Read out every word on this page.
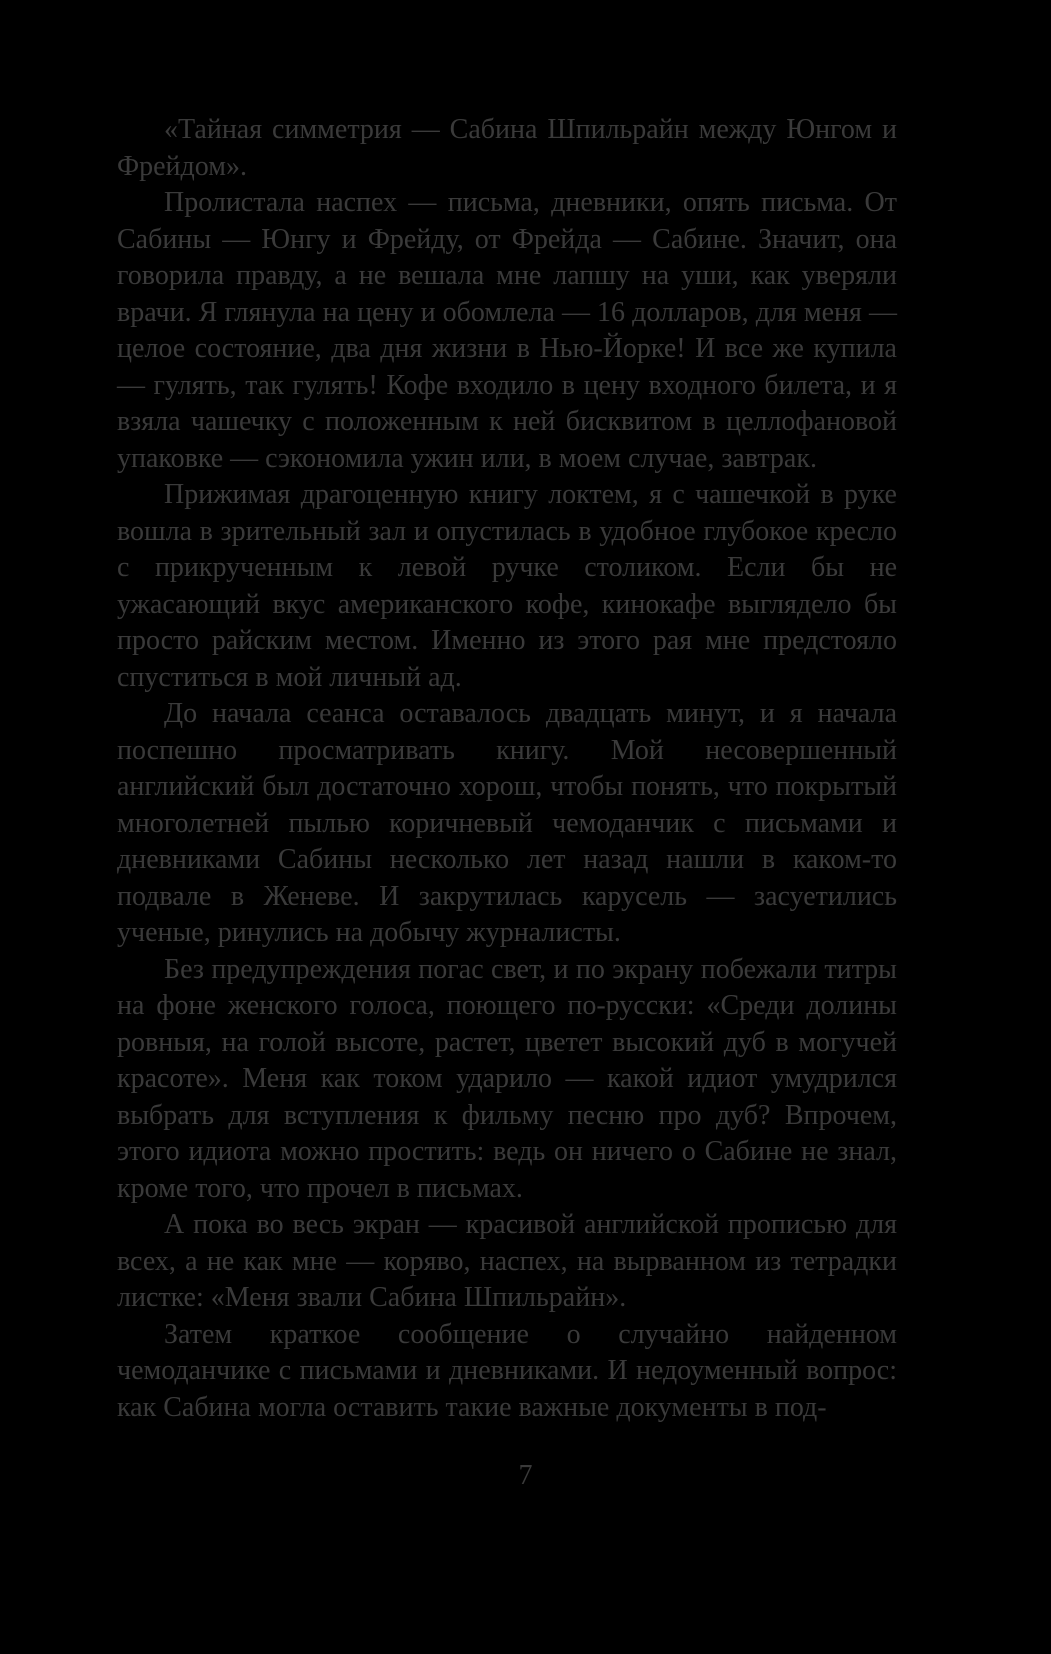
«Тайная симметрия — Сабина Шпильрайн между Юнгом и Фрейдом».

Пролистала наспех — письма, дневники, опять письма. От Сабины — Юнгу и Фрейду, от Фрейда — Сабине. Значит, она говорила правду, а не вешала мне лапшу на уши, как уверяли врачи. Я глянула на цену и обомлела — 16 долларов, для меня — целое состояние, два дня жизни в Нью-Йорке! И все же купила — гулять, так гулять! Кофе входило в цену входного билета, и я взяла чашечку с положенным к ней бисквитом в целлофановой упаковке — сэкономила ужин или, в моем случае, завтрак.

Прижимая драгоценную книгу локтем, я с чашечкой в руке вошла в зрительный зал и опустилась в удобное глубокое кресло с прикрученным к левой ручке столиком. Если бы не ужасающий вкус американского кофе, кинокафе выглядело бы просто райским местом. Именно из этого рая мне предстояло спуститься в мой личный ад.

До начала сеанса оставалось двадцать минут, и я начала поспешно просматривать книгу. Мой несовершенный английский был достаточно хорош, чтобы понять, что покрытый многолетней пылью коричневый чемоданчик с письмами и дневниками Сабины несколько лет назад нашли в каком-то подвале в Женеве. И закрутилась карусель — засуетились ученые, ринулись на добычу журналисты.

Без предупреждения погас свет, и по экрану побежали титры на фоне женского голоса, поющего по-русски: «Среди долины ровныя, на голой высоте, растет, цветет высокий дуб в могучей красоте». Меня как током ударило — какой идиот умудрился выбрать для вступления к фильму песню про дуб? Впрочем, этого идиота можно простить: ведь он ничего о Сабине не знал, кроме того, что прочел в письмах.

А пока во весь экран — красивой английской прописью для всех, а не как мне — коряво, наспех, на вырванном из тетрадки листке: «Меня звали Сабина Шпильрайн».

Затем краткое сообщение о случайно найденном чемоданчике с письмами и дневниками. И недоуменный вопрос: как Сабина могла оставить такие важные документы в под-

7
